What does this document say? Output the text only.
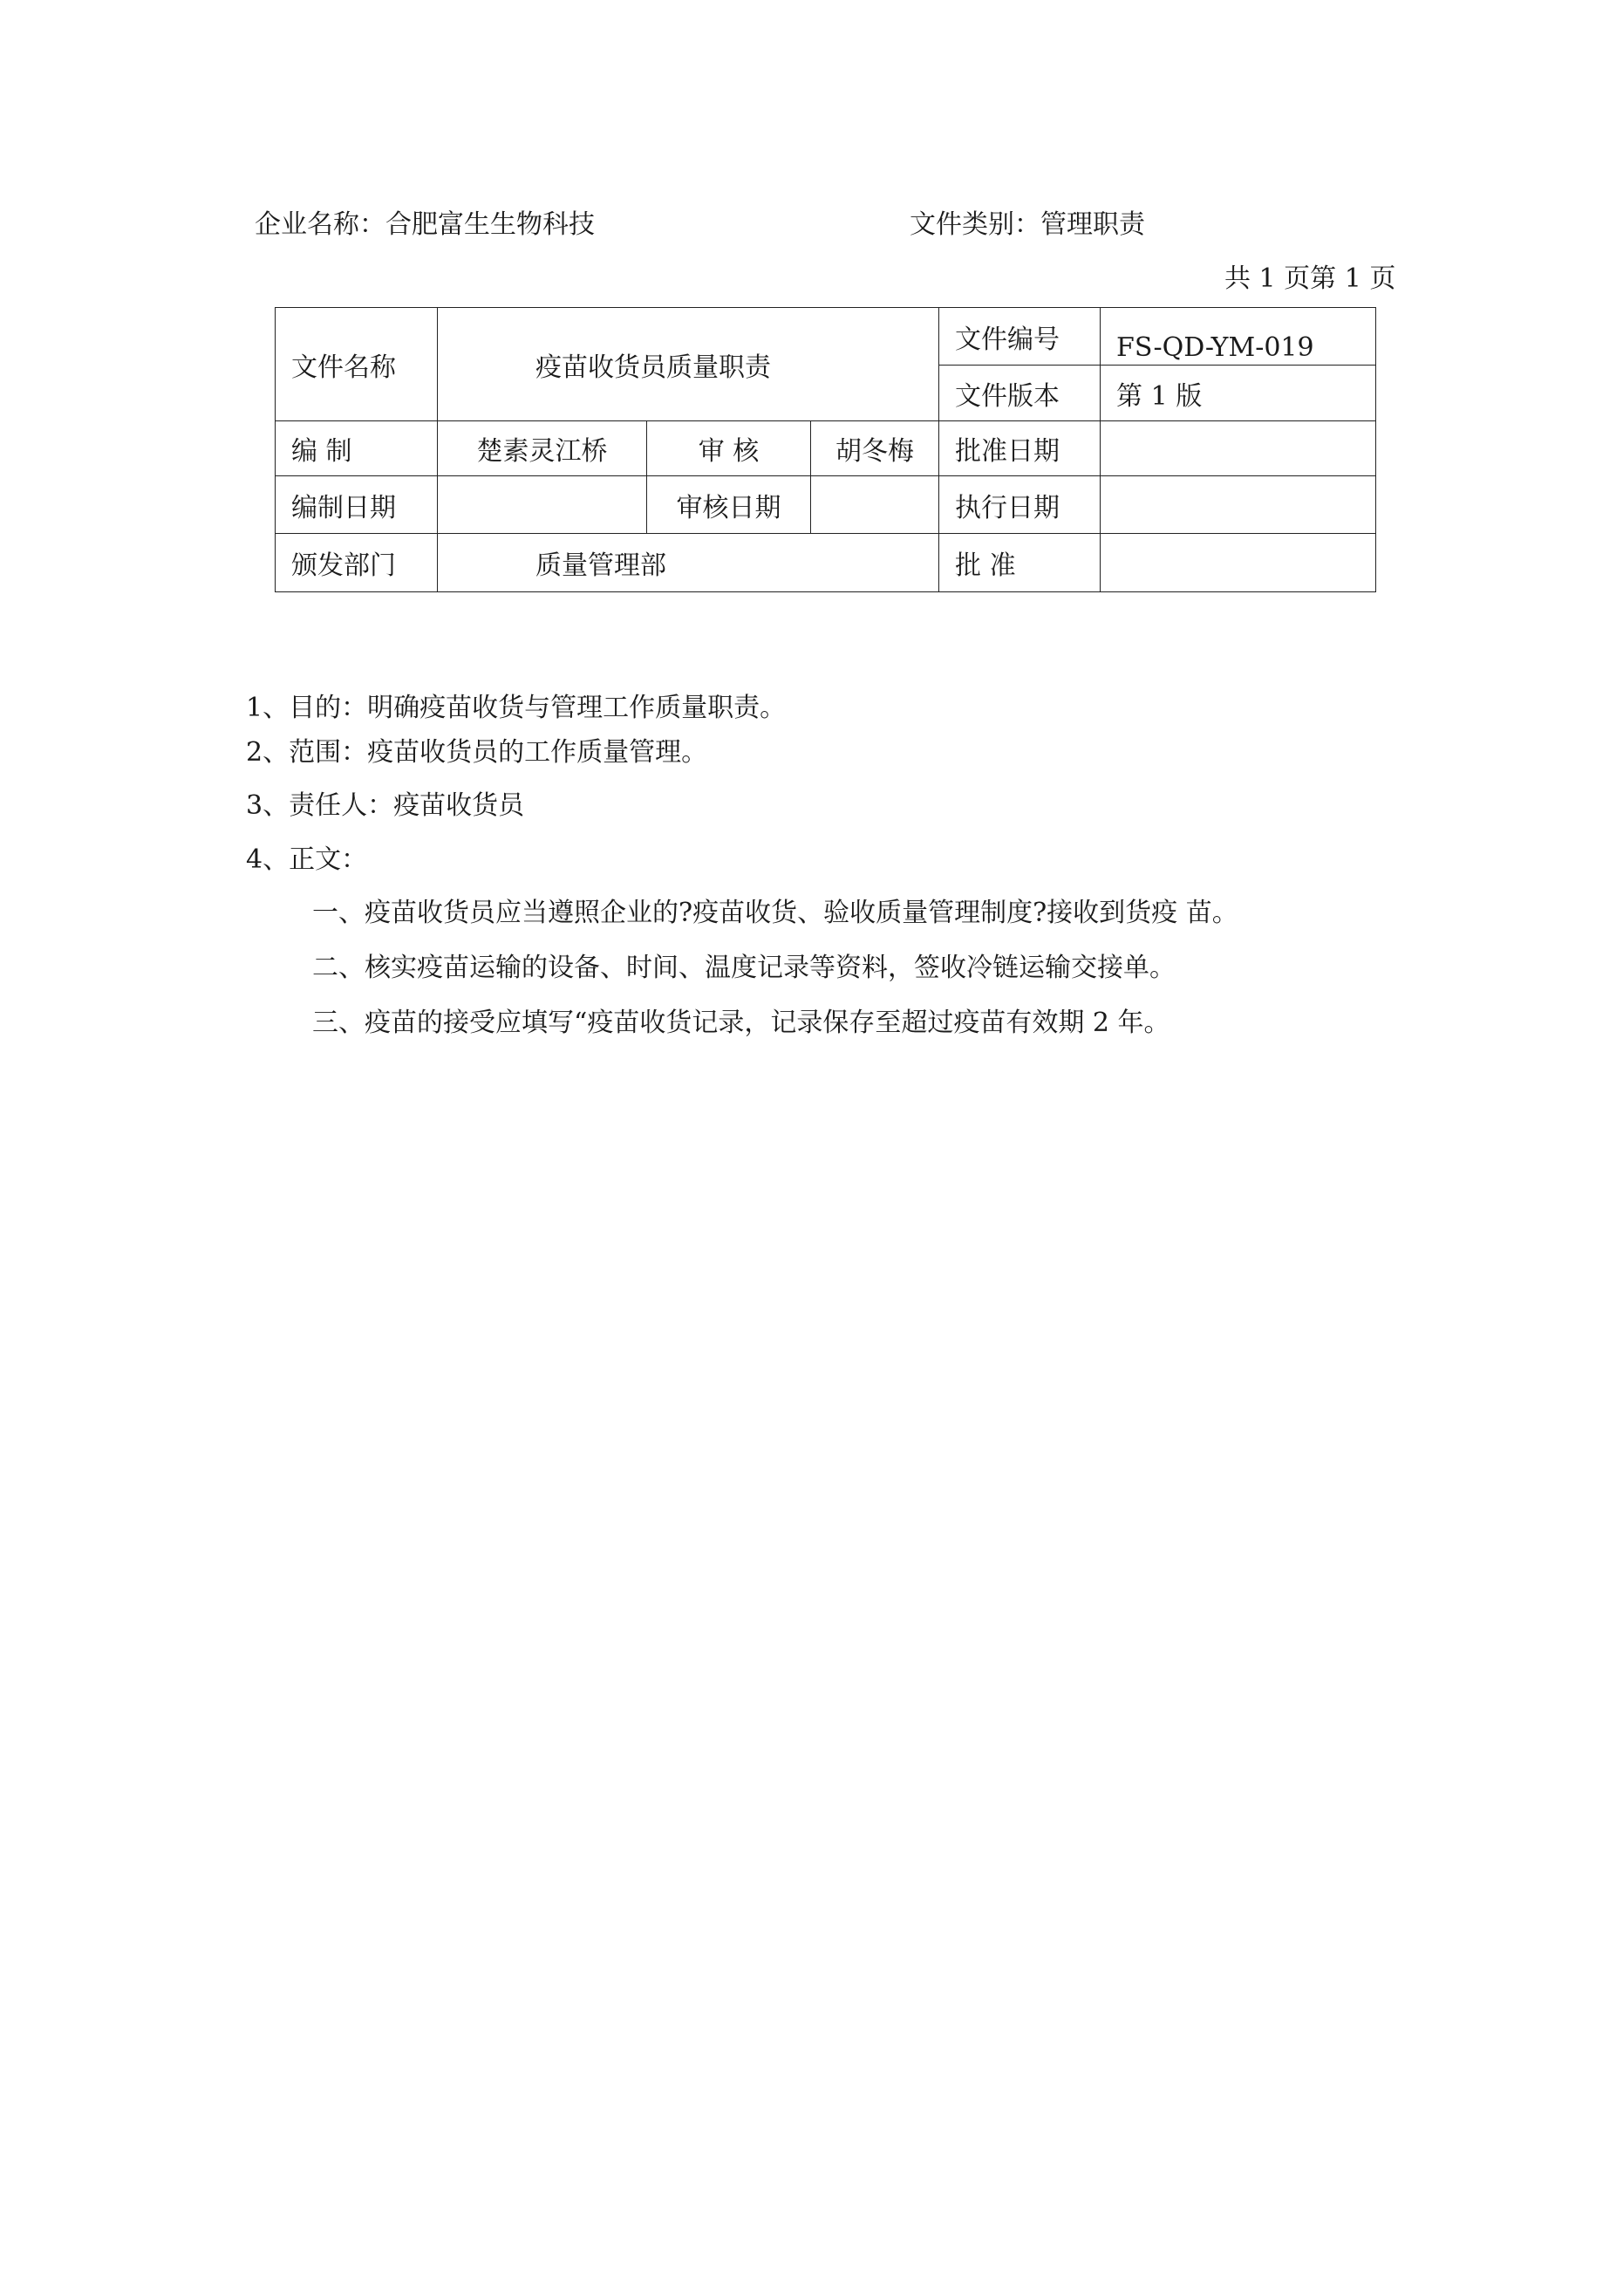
企业名称：合肥富生生物科技	文件类别：管理职责
共 1 页第 1 页
文件名称	疫苗收货员质量职责			文件编号	FS-QD-YM-019
				文件版本	第 1 版
编 制	楚素灵江桥	审 核	胡冬梅	批准日期	
编制日期		审核日期		执行日期	
颁发部门	质量管理部			批 准	
1、目的：明确疫苗收货与管理工作质量职责。
2、范围：疫苗收货员的工作质量管理。
3、责任人：疫苗收货员
4、正文：
一、疫苗收货员应当遵照企业的?疫苗收货、验收质量管理制度?接收到货疫 苗。
二、核实疫苗运输的设备、时间、温度记录等资料，签收冷链运输交接单。
三、疫苗的接受应填写“疫苗收货记录，记录保存至超过疫苗有效期 2 年。
